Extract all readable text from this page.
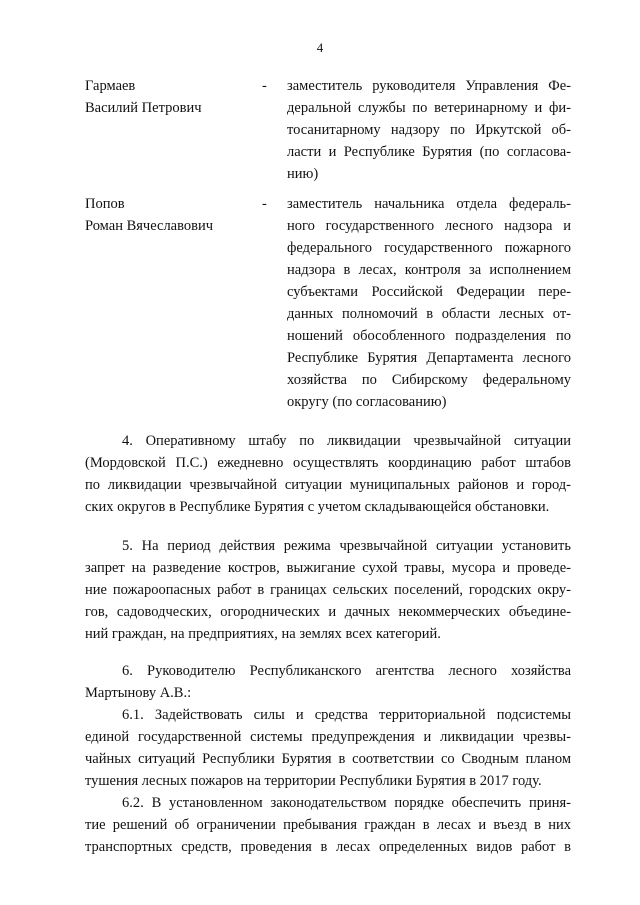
4
Гармаев
Василий Петрович
- заместитель руководителя Управления Фе-
деральной службы по ветеринарному и фи-
тосанитарному надзору по Иркутской об-
ласти и Республике Бурятия (по согласова-
нию)
Попов
Роман Вячеславович
- заместитель начальника отдела федераль-
ного государственного лесного надзора и
федерального государственного пожарного
надзора в лесах, контроля за исполнением
субъектами Российской Федерации пере-
данных полномочий в области лесных от-
ношений обособленного подразделения по
Республике Бурятия Департамента лесного
хозяйства по Сибирскому федеральному
округу (по согласованию)
4. Оперативному штабу по ликвидации чрезвычайной ситуации
(Мордовской П.С.) ежедневно осуществлять координацию работ штабов
по ликвидации чрезвычайной ситуации муниципальных районов и город-
ских округов в Республике Бурятия с учетом складывающейся обстановки.
5. На период действия режима чрезвычайной ситуации установить
запрет на разведение костров, выжигание сухой травы, мусора и проведе-
ние пожароопасных работ в границах сельских поселений, городских окру-
гов, садоводческих, огороднических и дачных некоммерческих объедине-
ний граждан, на предприятиях, на землях всех категорий.
6. Руководителю Республиканского агентства лесного хозяйства
Мартынову А.В.:
6.1. Задействовать силы и средства территориальной подсистемы
единой государственной системы предупреждения и ликвидации чрезвы-
чайных ситуаций Республики Бурятия в соответствии со Сводным планом
тушения лесных пожаров на территории Республики Бурятия в 2017 году.
6.2. В установленном законодательством порядке обеспечить приня-
тие решений об ограничении пребывания граждан в лесах и въезд в них
транспортных средств, проведения в лесах определенных видов работ в
